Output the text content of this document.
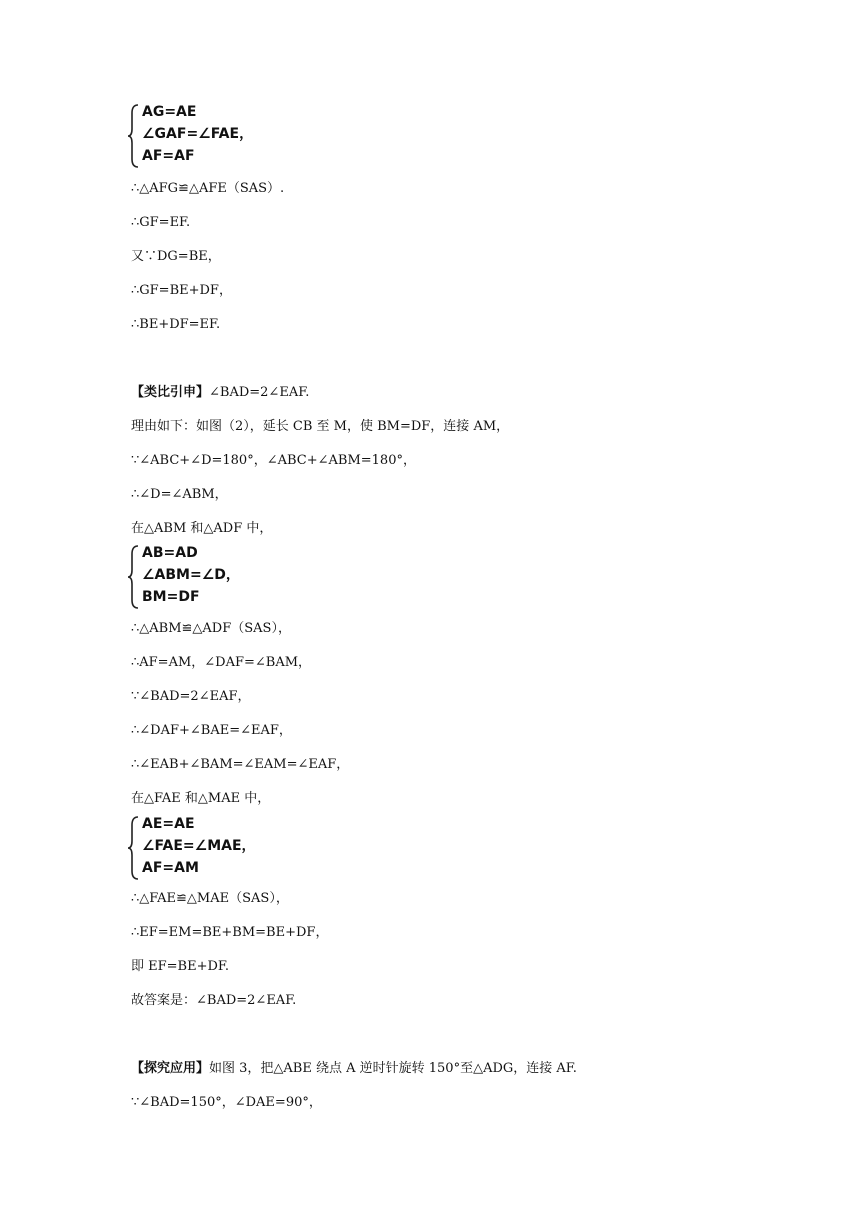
AG=AE
∠GAF=∠FAE，
AF=AF
∴△AFG≌△AFE（SAS）.
∴GF=EF.
又∵DG=BE，
∴GF=BE+DF，
∴BE+DF=EF.
【类比引申】∠BAD=2∠EAF.
理由如下：如图（2），延长 CB 至 M，使 BM=DF，连接 AM，
∵∠ABC+∠D=180°，∠ABC+∠ABM=180°，
∴∠D=∠ABM，
在△ABM 和△ADF 中，
AB=AD
∠ABM=∠D，
BM=DF
∴△ABM≌△ADF（SAS），
∴AF=AM，∠DAF=∠BAM，
∵∠BAD=2∠EAF，
∴∠DAF+∠BAE=∠EAF，
∴∠EAB+∠BAM=∠EAM=∠EAF，
在△FAE 和△MAE 中，
AE=AE
∠FAE=∠MAE，
AF=AM
∴△FAE≌△MAE（SAS），
∴EF=EM=BE+BM=BE+DF，
即 EF=BE+DF.
故答案是：∠BAD=2∠EAF.
【探究应用】如图 3，把△ABE 绕点 A 逆时针旋转 150°至△ADG，连接 AF.
∵∠BAD=150°，∠DAE=90°，
